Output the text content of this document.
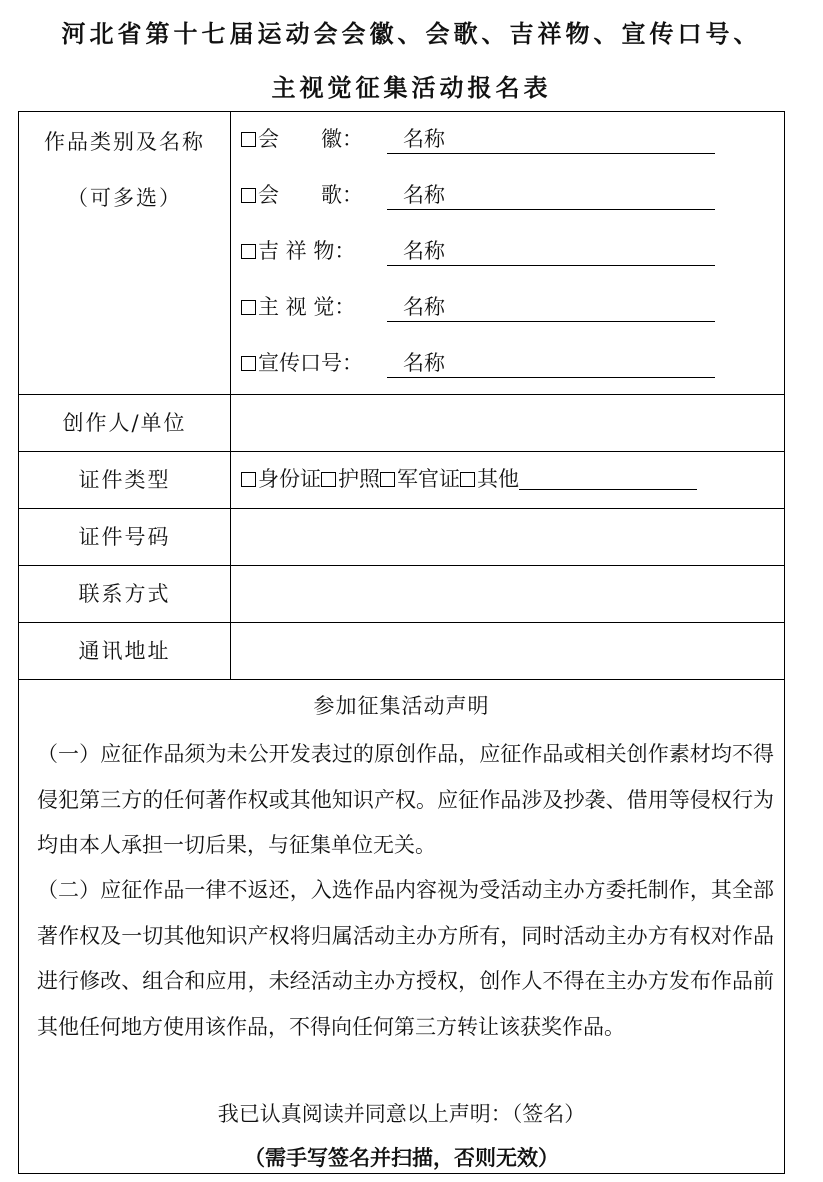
河北省第十七届运动会会徽、会歌、吉祥物、宣传口号、
主视觉征集活动报名表
作品类别及名称
（可多选）
会　　徽：	名称
会　　歌：	名称
吉 祥 物：	名称
主 视 觉：	名称
宣传口号：	名称
创作人/单位
证件类型	身份证 护照 军官证 其他
证件号码
联系方式
通讯地址
参加征集活动声明
（一）应征作品须为未公开发表过的原创作品，应征作品或相关创作素材均不得侵犯第三方的任何著作权或其他知识产权。应征作品涉及抄袭、借用等侵权行为均由本人承担一切后果，与征集单位无关。
（二）应征作品一律不返还，入选作品内容视为受活动主办方委托制作，其全部著作权及一切其他知识产权将归属活动主办方所有，同时活动主办方有权对作品进行修改、组合和应用，未经活动主办方授权，创作人不得在主办方发布作品前其他任何地方使用该作品，不得向任何第三方转让该获奖作品。
我已认真阅读并同意以上声明：（签名）
（需手写签名并扫描，否则无效）
